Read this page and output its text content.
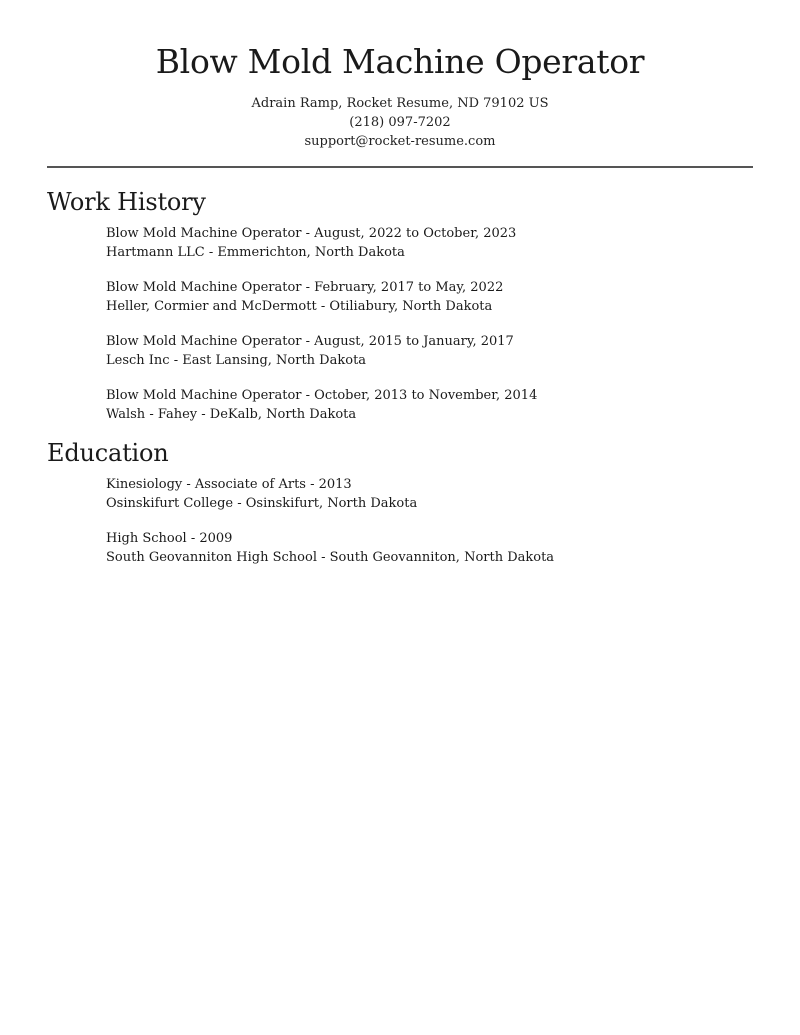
Blow Mold Machine Operator
Adrain Ramp, Rocket Resume, ND 79102 US
(218) 097-7202
support@rocket-resume.com
Work History
Blow Mold Machine Operator - August, 2022 to October, 2023
Hartmann LLC - Emmerichton, North Dakota
Blow Mold Machine Operator - February, 2017 to May, 2022
Heller, Cormier and McDermott - Otiliabury, North Dakota
Blow Mold Machine Operator - August, 2015 to January, 2017
Lesch Inc - East Lansing, North Dakota
Blow Mold Machine Operator - October, 2013 to November, 2014
Walsh - Fahey - DeKalb, North Dakota
Education
Kinesiology - Associate of Arts - 2013
Osinskifurt College - Osinskifurt, North Dakota
High School - 2009
South Geovanniton High School - South Geovanniton, North Dakota
